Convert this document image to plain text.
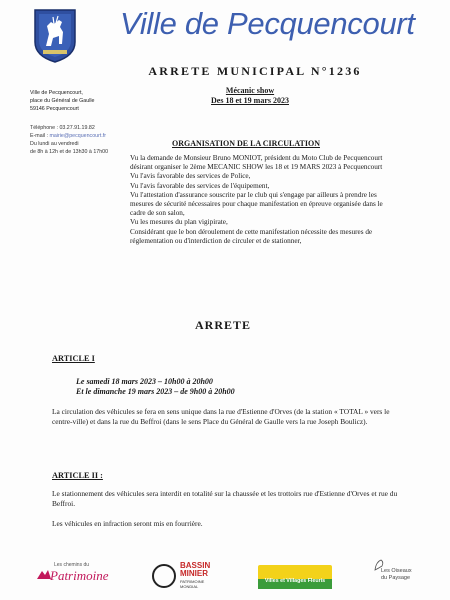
Ville de Pecquencourt
ARRETE MUNICIPAL N°1236
Mécanic show
Des 18 et 19 mars 2023
Ville de Pecquencourt,
place du Général de Gaulle
59146 Pecquencourt
Téléphone : 03.27.91.19.82
E-mail : mairie@pecquencourt.fr
Du lundi au vendredi
de 8h à 12h et de 13h30 à 17h00
ORGANISATION DE LA CIRCULATION
Vu la demande de Monsieur Bruno MONIOT, président du Moto Club de Pecquencourt désirant organiser le 2ème MECANIC SHOW les 18 et 19 MARS 2023 à Pecquencourt
Vu l'avis favorable des services de Police,
Vu l'avis favorable des services de l'équipement,
Vu l'attestation d'assurance souscrite par le club qui s'engage par ailleurs à prendre les mesures de sécurité nécessaires pour chaque manifestation en épreuve organisée dans le cadre de son salon,
Vu les mesures du plan vigipirate,
Considérant que le bon déroulement de cette manifestation nécessite des mesures de réglementation ou d'interdiction de circuler et de stationner,
ARRETE
ARTICLE I
Le samedi 18 mars 2023 – 10h00 à 20h00
Et le dimanche 19 mars 2023 – de 9h00 à 20h00
La circulation des véhicules se fera en sens unique dans la rue d'Estienne d'Orves (de la station « TOTAL » vers le centre-ville) et dans la rue du Beffroi (dans le sens Place du Général de Gaulle vers la rue Joseph Boulicz).
ARTICLE II :
Le stationnement des véhicules sera interdit en totalité sur la chaussée et les trottoirs rue d'Estienne d'Orves et rue du Beffroi.
Les véhicules en infraction seront mis en fourrière.
Les chemins du
Patrimoine
BASSIN
MINIER
PATRIMOINE MONDIAL
Villes et Villages Fleuris
Les Oiseaux
du Paysage
